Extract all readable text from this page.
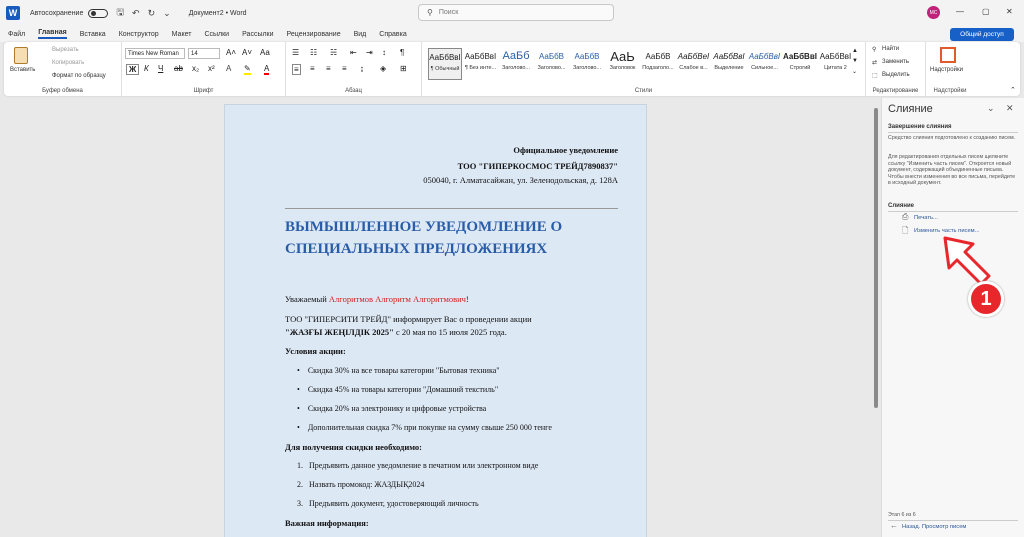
W	Автосохранение	🖫 ↶ ↻ ⌄	Документ2 • Word	⚲ Поиск	MC	— ▢ ✕
Файл Главная Вставка Конструктор Макет Ссылки Рассылки Рецензирование Вид Справка	Общий доступ
Вставить
Вырезать
Копировать
Формат по образцу
Буфер обмена
Times New Roman	14	A˄ A˅ Aa
Ж К Ч ab x₂ x² A ✎ A
Шрифт
☰ ☷ ☵ ⇤ ⇥ ↕ ¶
≡ ≡ ≡ ≡ ↨ ◈ ⊞
Абзац
АаБбВвІ
¶ Обычный
АаБбВвІ
¶ Без инте...
АаБб
Заголово...
АаБбВ
Заголово...
АаБбВ
Заголово...
АаЬ
Заголовок
АаБбВ
Подзаголо...
АаБбВеІ
Слабое в...
АаБбВвІ
Выделение
АаБбВвІ
Сильное...
АаБбВвІ
Строгий
АаБбВвІ
Цитата 2
▲
▼
⌄
Стили
⚲ Найти
⇄ Заменить
⬚ Выделить
Редактирование
Надстройки
Надстройки	⌃
Официальное уведомление
ТОО "ГИПЕРКОСМОС ТРЕЙД7890837"
050040, г. Алматасайжан, ул. Зеленодольская, д. 128А
ВЫМЫШЛЕННОЕ УВЕДОМЛЕНИЕ О
СПЕЦИАЛЬНЫХ ПРЕДЛОЖЕНИЯХ
Уважаемый Алгоритмов Алгоритм Алгоритмович!
ТОО "ГИПЕРСИТИ ТРЕЙД" информирует Вас о проведении акции
"ЖАЗҒЫ ЖЕҢІЛДІК 2025" с 20 мая по 15 июля 2025 года.
Условия акции:
•    Скидка 30% на все товары категории "Бытовая техника"
•    Скидка 45% на товары категории "Домашний текстиль"
•    Скидка 20% на электронику и цифровые устройства
•    Дополнительная скидка 7% при покупке на сумму свыше 250 000 тенге
Для получения скидки необходимо:
1.   Предъявить данное уведомление в печатном или электронном виде
2.   Назвать промокод: ЖАЗДЫҚ2024
3.   Предъявить документ, удостоверяющий личность
Важная информация:
Слияние	⌄ ✕
Завершение слияния
Средство слияния подготовлено к созданию писем.
Для редактирования отдельных писем щелкните ссылку "Изменить часть писем". Откроется новый документ, содержащий объединенные письма. Чтобы внести изменения во все письма, перейдите в исходный документ.
Слияние
⎙ Печать...
🗋 Изменить часть писем...
Этап 6 из 6
← Назад. Просмотр писем
1
